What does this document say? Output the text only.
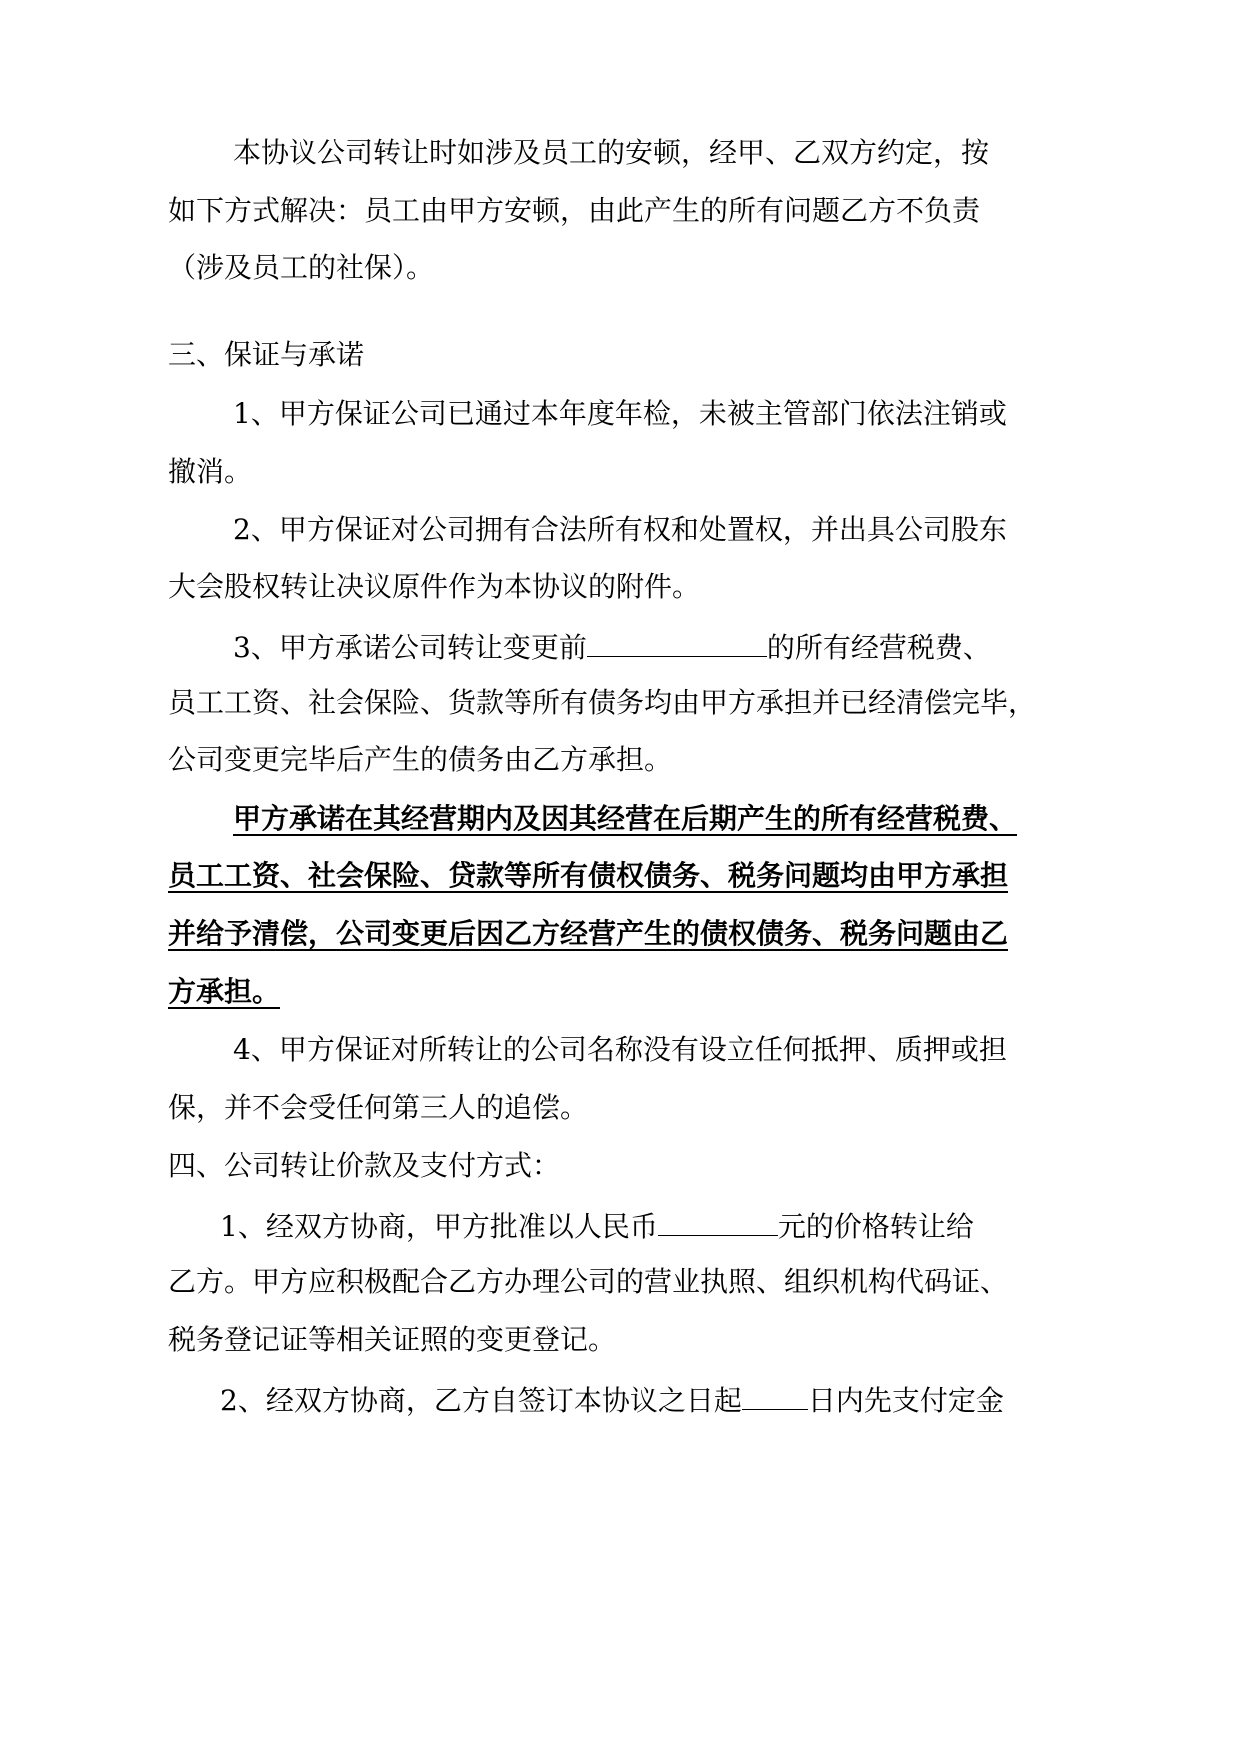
本协议公司转让时如涉及员工的安顿，经甲、乙双方约定，按
如下方式解决：员工由甲方安顿，由此产生的所有问题乙方不负责
（涉及员工的社保）。
三、保证与承诺
1、甲方保证公司已通过本年度年检，未被主管部门依法注销或
撤消。
2、甲方保证对公司拥有合法所有权和处置权，并出具公司股东
大会股权转让决议原件作为本协议的附件。
3、甲方承诺公司转让变更前	的所有经营税费、
员工工资、社会保险、货款等所有债务均由甲方承担并已经清偿完毕，
公司变更完毕后产生的债务由乙方承担。
甲方承诺在其经营期内及因其经营在后期产生的所有经营税费、
员工工资、社会保险、贷款等所有债权债务、税务问题均由甲方承担
并给予清偿，公司变更后因乙方经营产生的债权债务、税务问题由乙
方承担。
4、甲方保证对所转让的公司名称没有设立任何抵押、质押或担
保，并不会受任何第三人的追偿。
四、公司转让价款及支付方式：
1、经双方协商，甲方批准以人民币	元的价格转让给
乙方。甲方应积极配合乙方办理公司的营业执照、组织机构代码证、
税务登记证等相关证照的变更登记。
2、经双方协商，乙方自签订本协议之日起 日内先支付定金
